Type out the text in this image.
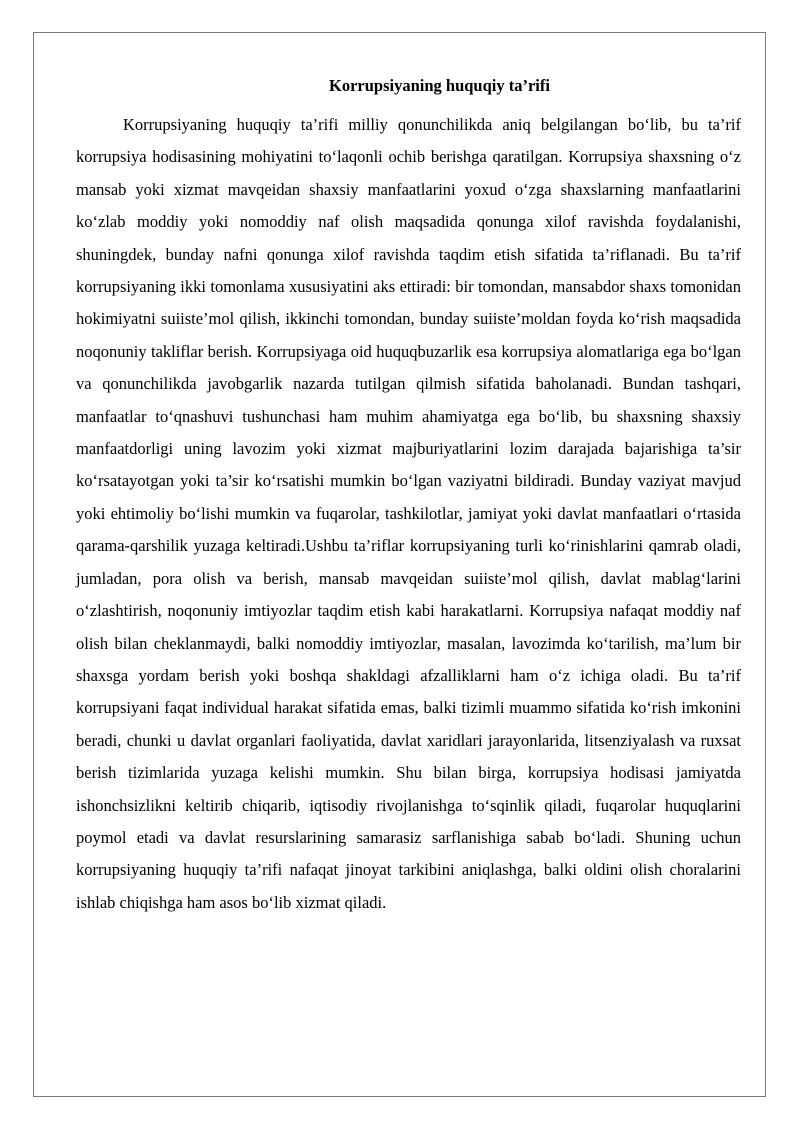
Korrupsiyaning huquqiy ta’rifi

Korrupsiyaning huquqiy ta’rifi milliy qonunchilikda aniq belgilangan bo‘lib, bu ta’rif korrupsiya hodisasining mohiyatini to‘laqonli ochib berishga qaratilgan. Korrupsiya shaxsning o‘z mansab yoki xizmat mavqeidan shaxsiy manfaatlarini yoxud o‘zga shaxslarning manfaatlarini ko‘zlab moddiy yoki nomoddiy naf olish maqsadida qonunga xilof ravishda foydalanishi, shuningdek, bunday nafni qonunga xilof ravishda taqdim etish sifatida ta’riflanadi. Bu ta’rif korrupsiyaning ikki tomonlama xususiyatini aks ettiradi: bir tomondan, mansabdor shaxs tomonidan hokimiyatni suiiste’mol qilish, ikkinchi tomondan, bunday suiiste’moldan foyda ko‘rish maqsadida noqonuniy takliflar berish. Korrupsiyaga oid huquqbuzarlik esa korrupsiya alomatlariga ega bo‘lgan va qonunchilikda javobgarlik nazarda tutilgan qilmish sifatida baholanadi. Bundan tashqari, manfaatlar to‘qnashuvi tushunchasi ham muhim ahamiyatga ega bo‘lib, bu shaxsning shaxsiy manfaatdorligi uning lavozim yoki xizmat majburiyatlarini lozim darajada bajarishiga ta’sir ko‘rsatayotgan yoki ta’sir ko‘rsatishi mumkin bo‘lgan vaziyatni bildiradi. Bunday vaziyat mavjud yoki ehtimoliy bo‘lishi mumkin va fuqarolar, tashkilotlar, jamiyat yoki davlat manfaatlari o‘rtasida qarama-qarshilik yuzaga keltiradi.Ushbu ta’riflar korrupsiyaning turli ko‘rinishlarini qamrab oladi, jumladan, pora olish va berish, mansab mavqeidan suiiste’mol qilish, davlat mablag‘larini o‘zlashtirish, noqonuniy imtiyozlar taqdim etish kabi harakatlarni. Korrupsiya nafaqat moddiy naf olish bilan cheklanmaydi, balki nomoddiy imtiyozlar, masalan, lavozimda ko‘tarilish, ma’lum bir shaxsga yordam berish yoki boshqa shakldagi afzalliklarni ham o‘z ichiga oladi. Bu ta’rif korrupsiyani faqat individual harakat sifatida emas, balki tizimli muammo sifatida ko‘rish imkonini beradi, chunki u davlat organlari faoliyatida, davlat xaridlari jarayonlarida, litsenziyalash va ruxsat berish tizimlarida yuzaga kelishi mumkin. Shu bilan birga, korrupsiya hodisasi jamiyatda ishonchsizlikni keltirib chiqarib, iqtisodiy rivojlanishga to‘sqinlik qiladi, fuqarolar huquqlarini poymol etadi va davlat resurslarining samarasiz sarflanishiga sabab bo‘ladi. Shuning uchun korrupsiyaning huquqiy ta’rifi nafaqat jinoyat tarkibini aniqlashga, balki oldini olish choralarini ishlab chiqishga ham asos bo‘lib xizmat qiladi.
